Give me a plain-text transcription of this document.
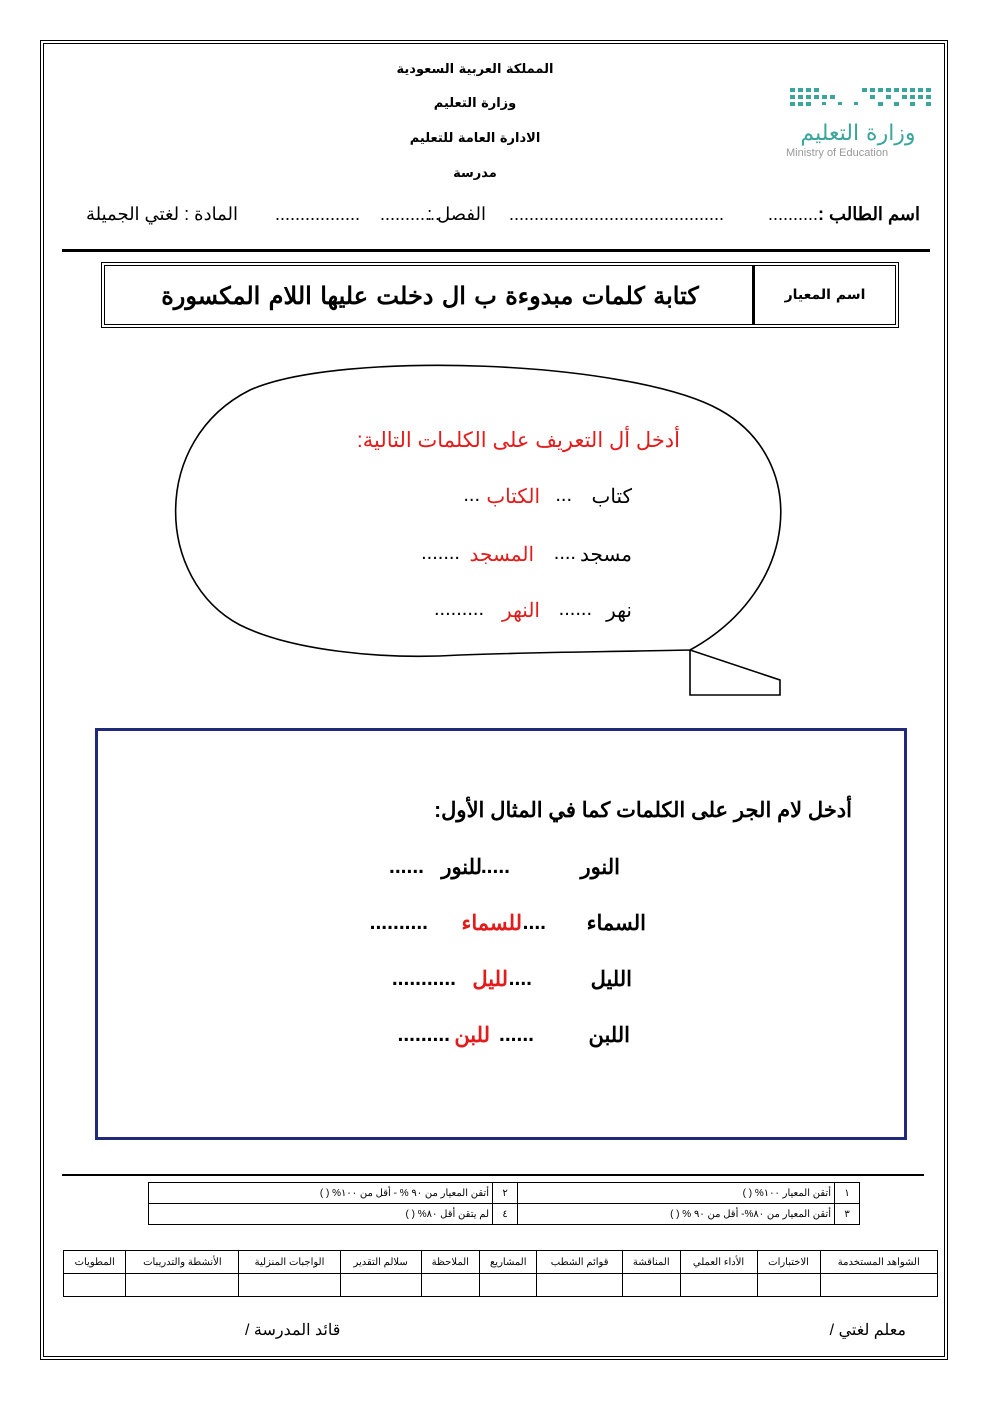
المملكة العربية السعودية
وزارة التعليم
الادارة العامة للتعليم
مدرسة
وزارة التعليم
Ministry of Education
اسم الطالب :
..........
...........................................
الفصل :
............
.................
المادة : لغتي الجميلة
اسم المعيار
كتابة كلمات مبدوءة ب ال دخلت عليها اللام المكسورة
أدخل أل التعريف على الكلمات التالية:
كتاب
...
الكتاب
...
مسجد
....
المسجد
.......
نهر
......
النهر
.........
أدخل لام الجر على الكلمات كما في المثال الأول:
النور
.....
للنور
......
السماء
....
للسماء
..........
الليل
....
لليل
...........
اللبن
......
للبن
.........
١	أتقن المعيار ١٠٠% ( )	٢	أتقن المعيار من ٩٠ % - أقل من ١٠٠% ( )
٣	أتقن المعيار من ٨٠%- أقل من ٩٠ % ( )	٤	لم يتقن أقل ٨٠% ( )
الشواهد المستخدمة	الاختبارات	الأداء العملي	المناقشة	قوائم الشطب	المشاريع	الملاحظة	سلالم التقدير	الواجبات المنزلية	الأنشطة والتدريبات	المطويات

معلم لغتي /
قائد المدرسة /
